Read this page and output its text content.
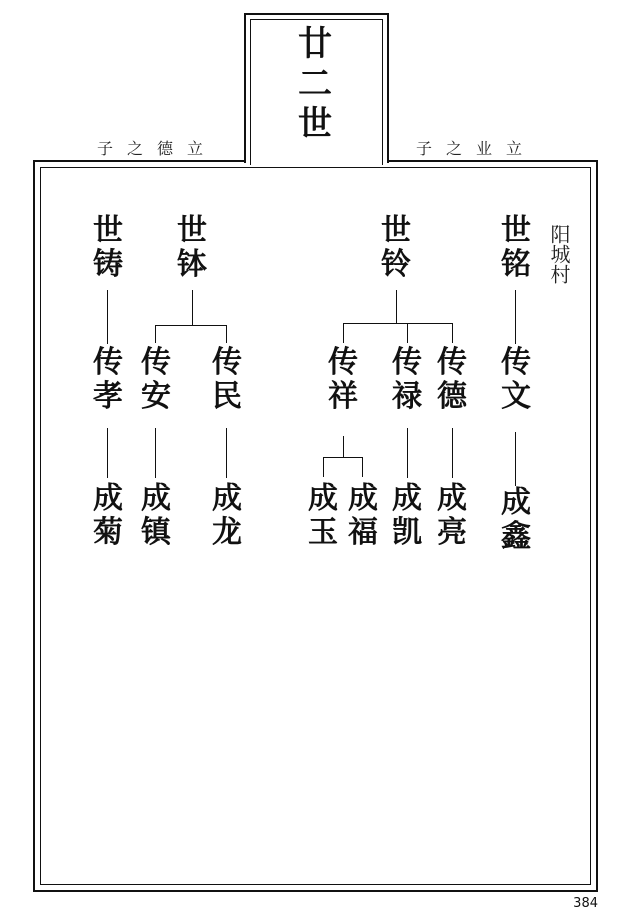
廿
二
世
子之德立	子之业立
阳城村
世
铸
世
钵
世
铃
世
铭
传
孝
传
安
传
民
传
祥
传
禄
传
德
传
文
成
菊
成
镇
成
龙
成
玉
成
福
成
凯
成
亮
成
鑫
384
